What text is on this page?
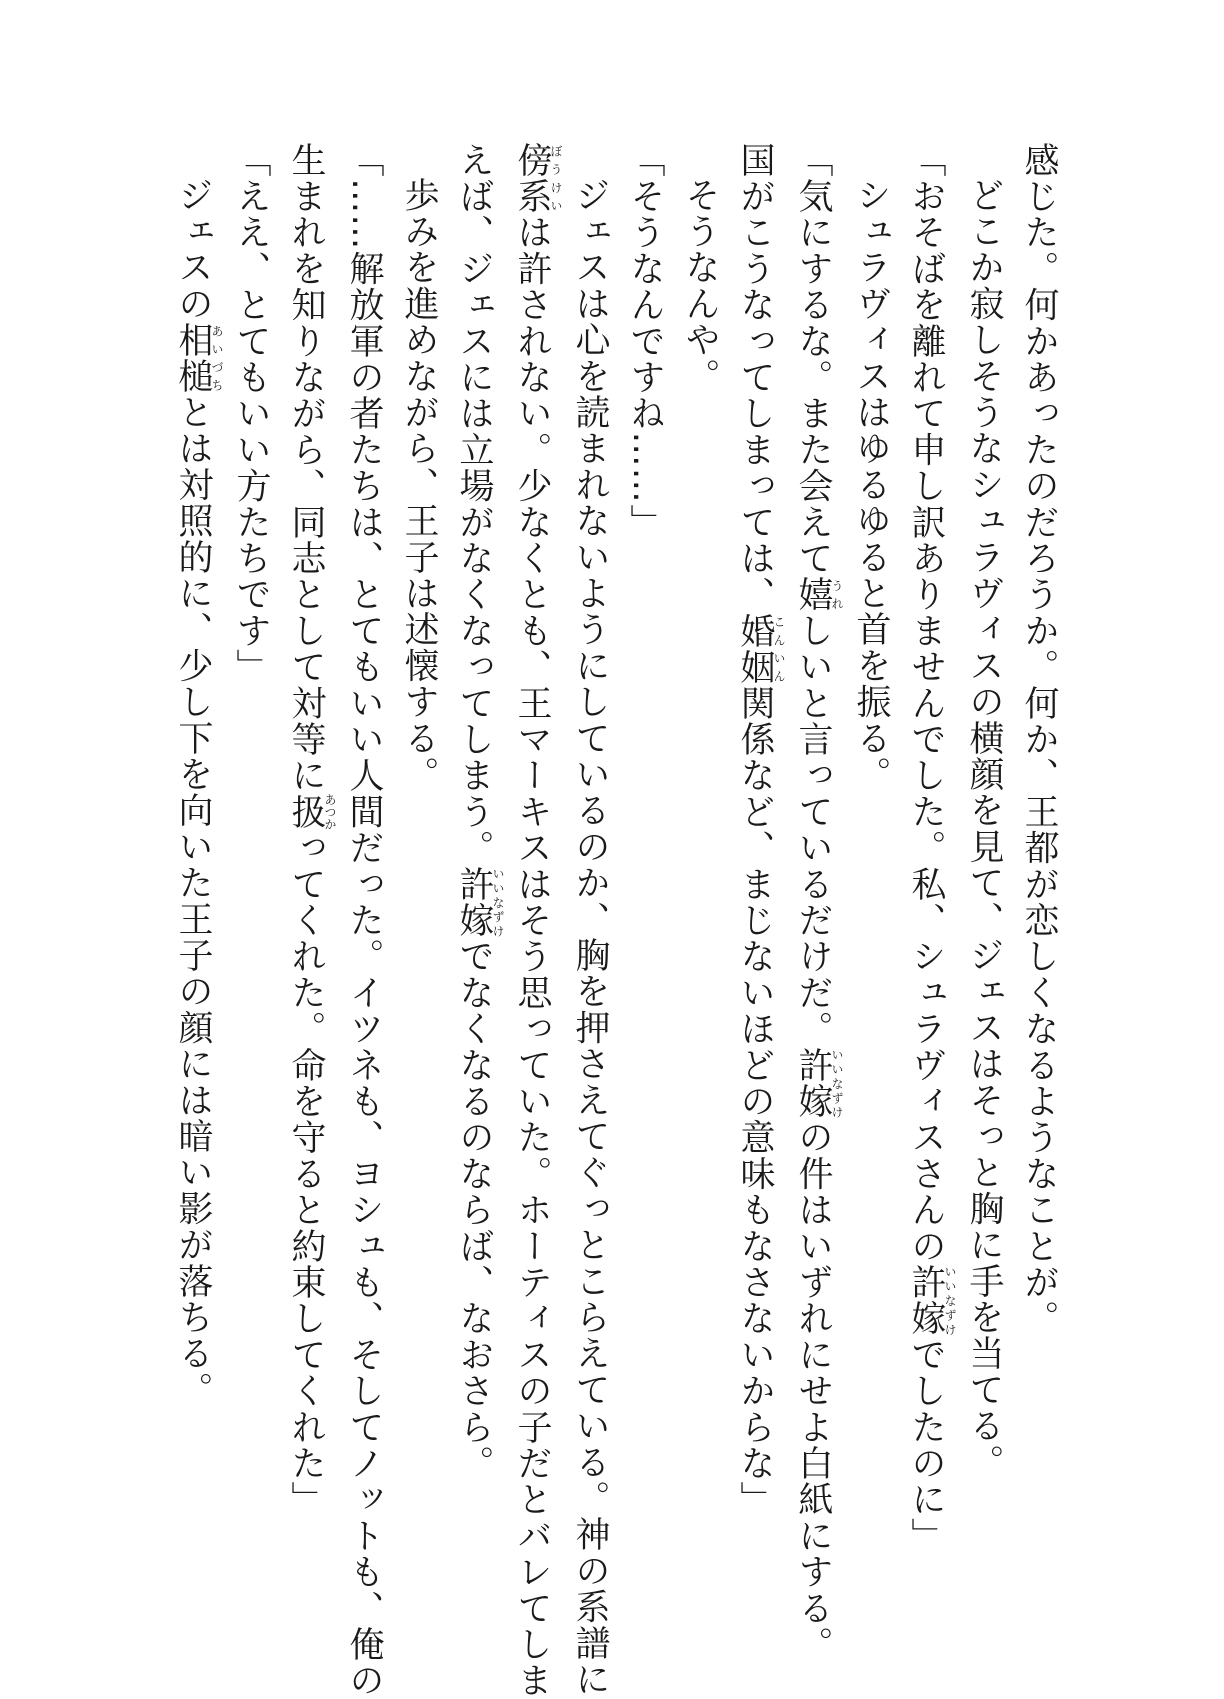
感じた。何かあったのだろうか。何か、王都が恋しくなるようなことが。
どこか寂しそうなシュラヴィスの横顔を見て、ジェスはそっと胸に手を当てる。
「おそばを離れて申し訳ありませんでした。私、シュラヴィスさんの許嫁いいなずけでしたのに」
シュラヴィスはゆるゆると首を振る。
「気にするな。また会えて嬉うれしいと言っているだけだ。許嫁いいなずけの件はいずれにせよ白紙にする。
国がこうなってしまっては、婚姻こんいん関係など、まじないほどの意味もなさないからな」
そうなんや。
「そうなんですね……」
ジェスは心を読まれないようにしているのか、胸を押さえてぐっとこらえている。神の系譜に
傍系ぼうけいは許されない。少なくとも、王マーキスはそう思っていた。ホーティスの子だとバレてしま
えば、ジェスには立場がなくなってしまう。許嫁いいなずけでなくなるのならば、なおさら。
歩みを進めながら、王子は述懐する。
「……解放軍の者たちは、とてもいい人間だった。イツネも、ヨシュも、そしてノットも、俺の
生まれを知りながら、同志として対等に扱あつかってくれた。命を守ると約束してくれた」
「ええ、とてもいい方たちです」
ジェスの相槌あいづちとは対照的に、少し下を向いた王子の顔には暗い影が落ちる。
